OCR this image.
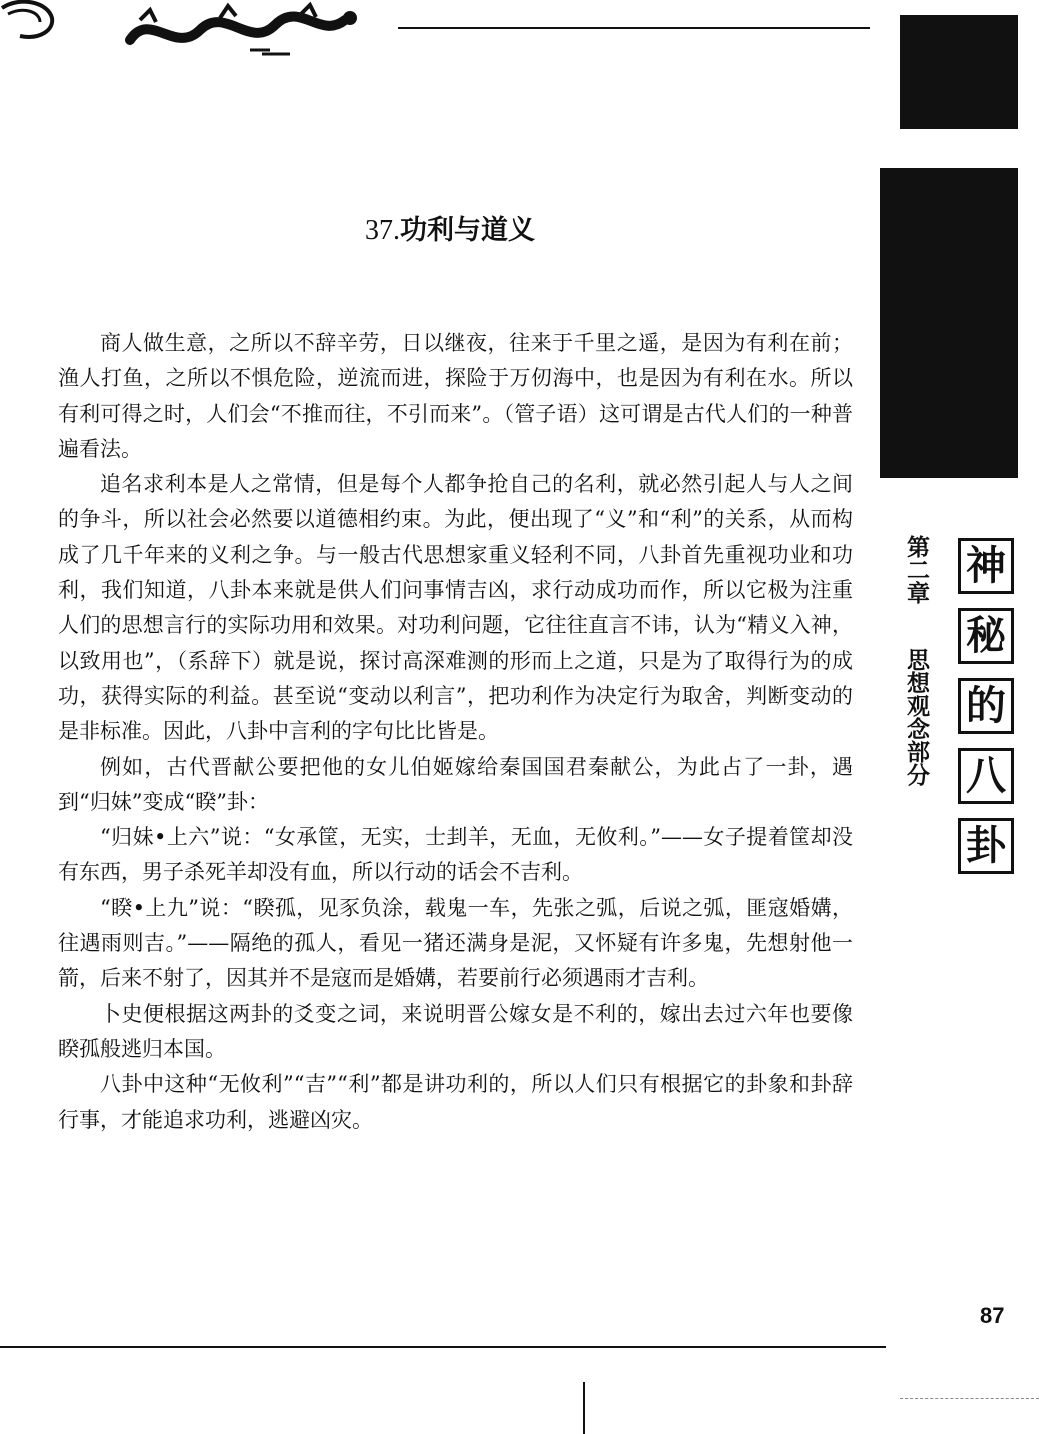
第二章思想观念部分
神
秘
的
八
卦
37.功利与道义

商人做生意，之所以不辞辛劳，日以继夜，往来于千里之遥，是因为有利在前；渔人打鱼，之所以不惧危险，逆流而进，探险于万仞海中，也是因为有利在水。所以有利可得之时，人们会“不推而往，不引而来”。（管子语）这可谓是古代人们的一种普遍看法。

追名求利本是人之常情，但是每个人都争抢自己的名利，就必然引起人与人之间的争斗，所以社会必然要以道德相约束。为此，便出现了“义”和“利”的关系，从而构成了几千年来的义利之争。与一般古代思想家重义轻利不同，八卦首先重视功业和功利，我们知道，八卦本来就是供人们问事情吉凶，求行动成功而作，所以它极为注重人们的思想言行的实际功用和效果。对功利问题，它往往直言不讳，认为“精义入神，以致用也”，（系辞下）就是说，探讨高深难测的形而上之道，只是为了取得行为的成功，获得实际的利益。甚至说“变动以利言”，把功利作为决定行为取舍，判断变动的是非标准。因此，八卦中言利的字句比比皆是。

例如，古代晋献公要把他的女儿伯姬嫁给秦国国君秦献公，为此占了一卦，遇到“归妹”变成“睽”卦：

“归妹•上六”说：“女承筐，无实，士刲羊，无血，无攸利。”——女子提着筐却没有东西，男子杀死羊却没有血，所以行动的话会不吉利。

“睽•上九”说：“睽孤，见豕负涂，载鬼一车，先张之弧，后说之弧，匪寇婚媾，往遇雨则吉。”——隔绝的孤人，看见一猪还满身是泥，又怀疑有许多鬼，先想射他一箭，后来不射了，因其并不是寇而是婚媾，若要前行必须遇雨才吉利。

卜史便根据这两卦的爻变之词，来说明晋公嫁女是不利的，嫁出去过六年也要像睽孤般逃归本国。

八卦中这种“无攸利”“吉”“利”都是讲功利的，所以人们只有根据它的卦象和卦辞行事，才能追求功利，逃避凶灾。

87
